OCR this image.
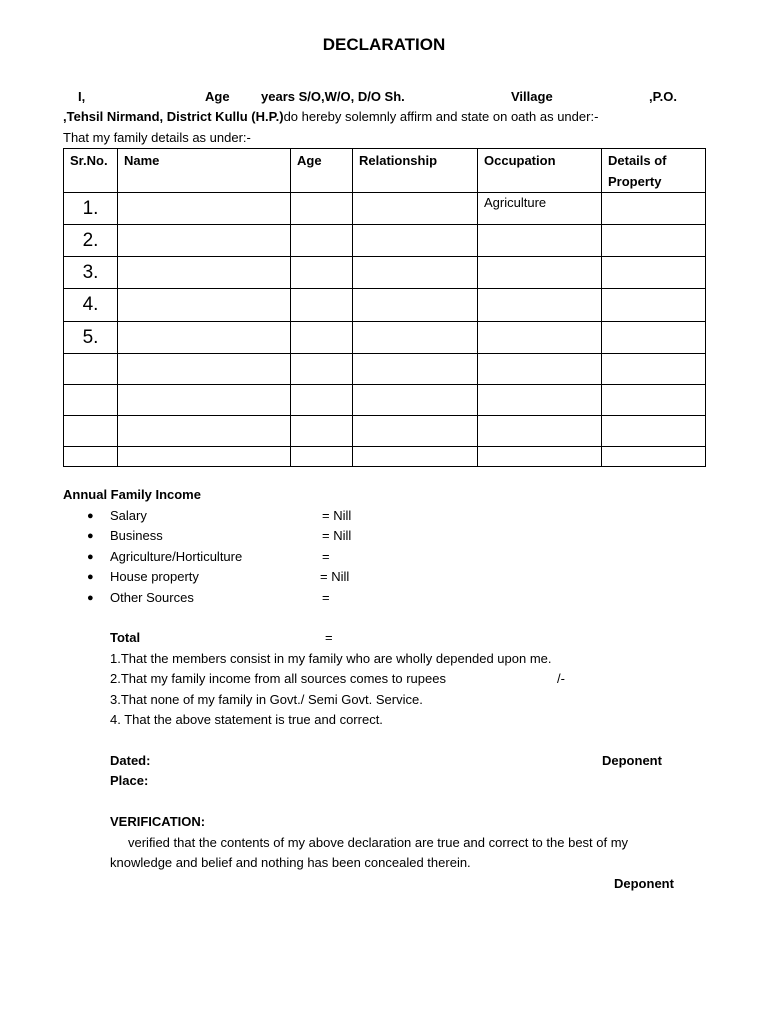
DECLARATION
I,	Age years S/O,W/O, D/O Sh.	Village	,P.O.
,Tehsil Nirmand, District Kullu (H.P.)do hereby solemnly affirm and state on oath as under:-
That my family details as under:-
Sr.No.	Name	Age	Relationship	Occupation	Details of
Property
1.				Agriculture	
2.					
3.					
4.					
5.					

Annual Family Income
● Salary	= Nill
● Business	= Nill
● Agriculture/Horticulture	=
● House property	= Nill
● Other Sources	=
Total	=
1.That the members consist in my family who are wholly depended upon me.
2.That my family income from all sources comes to rupees	/-
3.That none of my family in Govt./ Semi Govt. Service.
4. That the above statement is true and correct.
Dated:	Deponent
Place:
VERIFICATION:
verified that the contents of my above declaration are true and correct to the best of my
knowledge and belief and nothing has been concealed therein.
Deponent
